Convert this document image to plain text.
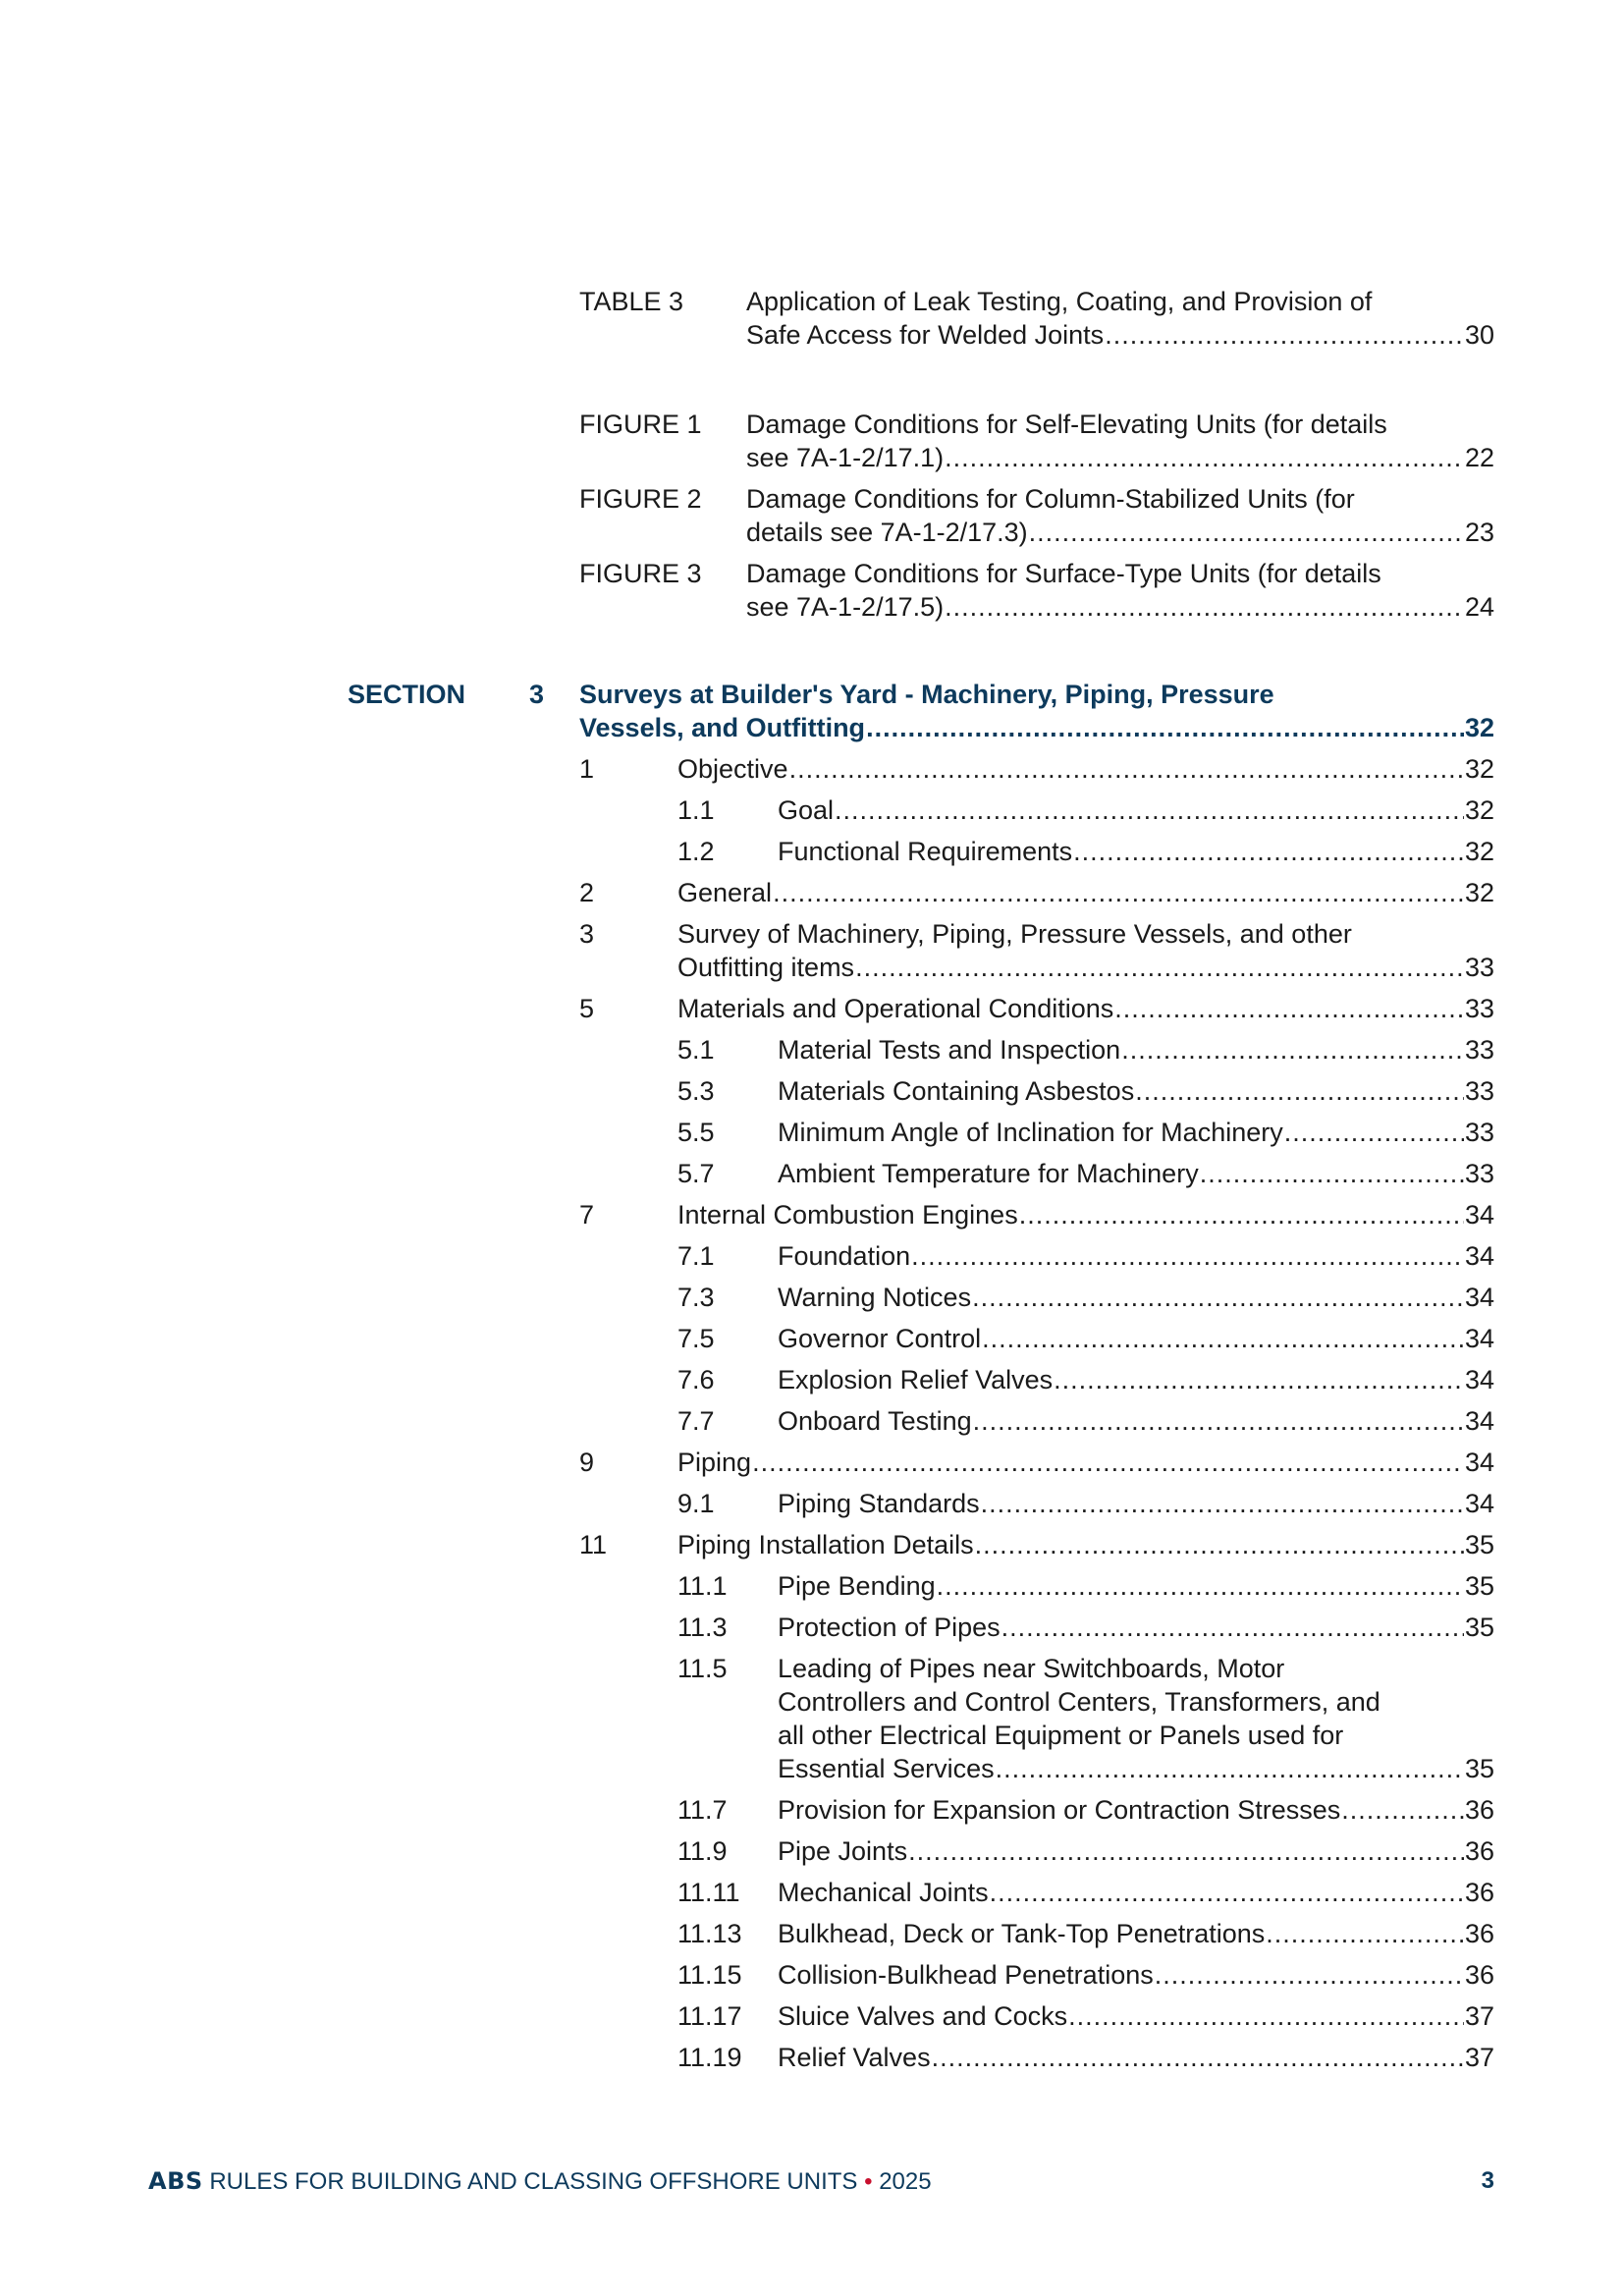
TABLE 3 Application of Leak Testing, Coating, and Provision of
Safe Access for Welded Joints .....	30
FIGURE 1 Damage Conditions for Self-Elevating Units (for details
see 7A-1-2/17.1) .....	22
FIGURE 2 Damage Conditions for Column-Stabilized Units (for
details see 7A-1-2/17.3) .....	23
FIGURE 3 Damage Conditions for Surface-Type Units (for details
see 7A-1-2/17.5) .....	24
SECTION 3 Surveys at Builder's Yard - Machinery, Piping, Pressure
Vessels, and Outfitting .....	32
1	Objective .....	32
1.1 Goal .....	32
1.2 Functional Requirements .....	32
2	General .....	32
3	Survey of Machinery, Piping, Pressure Vessels, and other
Outfitting items .....	33
5	Materials and Operational Conditions .....	33
5.1 Material Tests and Inspection .....	33
5.3 Materials Containing Asbestos .....	33
5.5 Minimum Angle of Inclination for Machinery .....	33
5.7 Ambient Temperature for Machinery .....	33
7	Internal Combustion Engines .....	34
7.1 Foundation .....	34
7.3 Warning Notices .....	34
7.5 Governor Control .....	34
7.6 Explosion Relief Valves .....	34
7.7 Onboard Testing .....	34
9	Piping .....	34
9.1 Piping Standards .....	34
11	Piping Installation Details .....	35
11.1 Pipe Bending .....	35
11.3 Protection of Pipes .....	35
11.5 Leading of Pipes near Switchboards, Motor
Controllers and Control Centers, Transformers, and
all other Electrical Equipment or Panels used for
Essential Services .....	35
11.7 Provision for Expansion or Contraction Stresses .....	36
11.9 Pipe Joints .....	36
11.11 Mechanical Joints .....	36
11.13 Bulkhead, Deck or Tank-Top Penetrations .....	36
11.15 Collision-Bulkhead Penetrations .....	36
11.17 Sluice Valves and Cocks .....	37
11.19 Relief Valves .....	37
ABS RULES FOR BUILDING AND CLASSING OFFSHORE UNITS • 2025	3
